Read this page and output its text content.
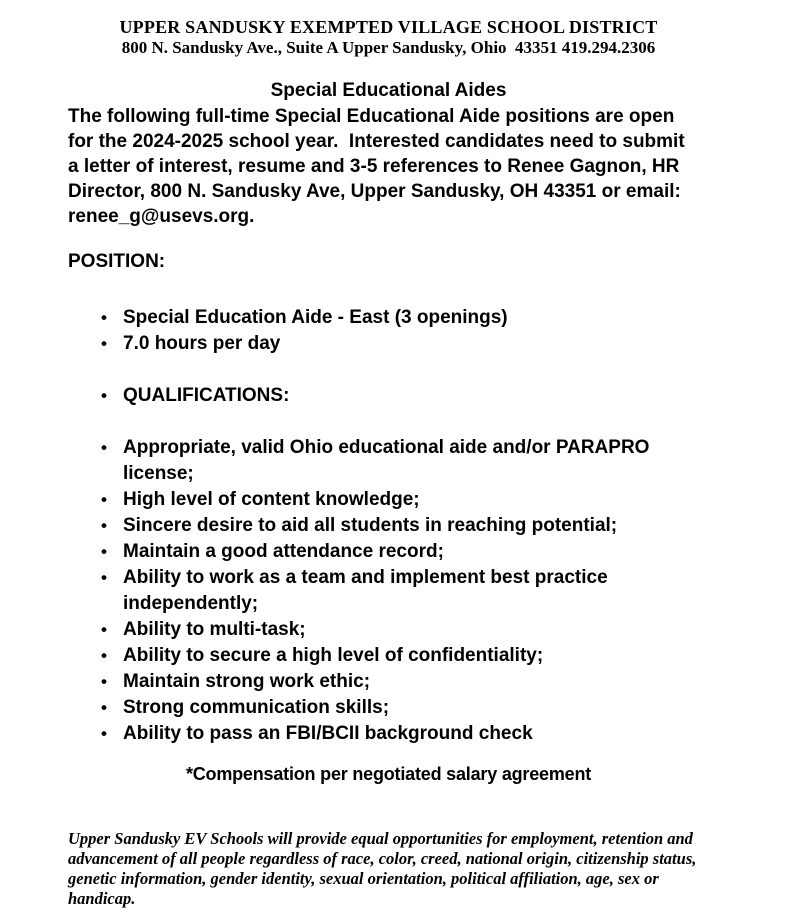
UPPER SANDUSKY EXEMPTED VILLAGE SCHOOL DISTRICT
800 N. Sandusky Ave., Suite A Upper Sandusky, Ohio  43351 419.294.2306
Special Educational Aides

The following full-time Special Educational Aide positions are open for the 2024-2025 school year.  Interested candidates need to submit a letter of interest, resume and 3-5 references to Renee Gagnon, HR Director, 800 N. Sandusky Ave, Upper Sandusky, OH 43351 or email: renee_g@usevs.org.

POSITION:
• Special Education Aide - East (3 openings)
• 7.0 hours per day
• QUALIFICATIONS:
• Appropriate, valid Ohio educational aide and/or PARAPRO license;
• High level of content knowledge;
• Sincere desire to aid all students in reaching potential;
• Maintain a good attendance record;
• Ability to work as a team and implement best practice independently;
• Ability to multi-task;
• Ability to secure a high level of confidentiality;
• Maintain strong work ethic;
• Strong communication skills;
• Ability to pass an FBI/BCII background check

*Compensation per negotiated salary agreement

Upper Sandusky EV Schools will provide equal opportunities for employment, retention and advancement of all people regardless of race, color, creed, national origin, citizenship status, genetic information, gender identity, sexual orientation, political affiliation, age, sex or handicap.
